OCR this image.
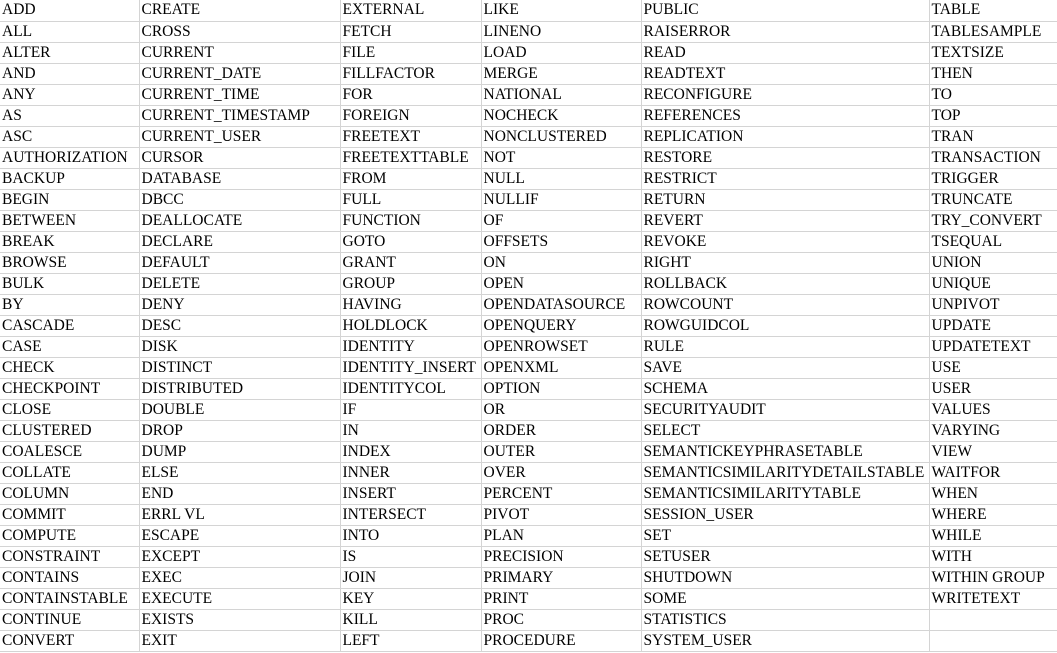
ADD	CREATE	EXTERNAL	LIKE	PUBLIC	TABLE
ALL	CROSS	FETCH	LINENO	RAISERROR	TABLESAMPLE
ALTER	CURRENT	FILE	LOAD	READ	TEXTSIZE
AND	CURRENT_DATE	FILLFACTOR	MERGE	READTEXT	THEN
ANY	CURRENT_TIME	FOR	NATIONAL	RECONFIGURE	TO
AS	CURRENT_TIMESTAMP	FOREIGN	NOCHECK	REFERENCES	TOP
ASC	CURRENT_USER	FREETEXT	NONCLUSTERED	REPLICATION	TRAN
AUTHORIZATION	CURSOR	FREETEXTTABLE	NOT	RESTORE	TRANSACTION
BACKUP	DATABASE	FROM	NULL	RESTRICT	TRIGGER
BEGIN	DBCC	FULL	NULLIF	RETURN	TRUNCATE
BETWEEN	DEALLOCATE	FUNCTION	OF	REVERT	TRY_CONVERT
BREAK	DECLARE	GOTO	OFFSETS	REVOKE	TSEQUAL
BROWSE	DEFAULT	GRANT	ON	RIGHT	UNION
BULK	DELETE	GROUP	OPEN	ROLLBACK	UNIQUE
BY	DENY	HAVING	OPENDATASOURCE	ROWCOUNT	UNPIVOT
CASCADE	DESC	HOLDLOCK	OPENQUERY	ROWGUIDCOL	UPDATE
CASE	DISK	IDENTITY	OPENROWSET	RULE	UPDATETEXT
CHECK	DISTINCT	IDENTITY_INSERT	OPENXML	SAVE	USE
CHECKPOINT	DISTRIBUTED	IDENTITYCOL	OPTION	SCHEMA	USER
CLOSE	DOUBLE	IF	OR	SECURITYAUDIT	VALUES
CLUSTERED	DROP	IN	ORDER	SELECT	VARYING
COALESCE	DUMP	INDEX	OUTER	SEMANTICKEYPHRASETABLE	VIEW
COLLATE	ELSE	INNER	OVER	SEMANTICSIMILARITYDETAILSTABLE	WAITFOR
COLUMN	END	INSERT	PERCENT	SEMANTICSIMILARITYTABLE	WHEN
COMMIT	ERRL VL	INTERSECT	PIVOT	SESSION_USER	WHERE
COMPUTE	ESCAPE	INTO	PLAN	SET	WHILE
CONSTRAINT	EXCEPT	IS	PRECISION	SETUSER	WITH
CONTAINS	EXEC	JOIN	PRIMARY	SHUTDOWN	WITHIN GROUP
CONTAINSTABLE	EXECUTE	KEY	PRINT	SOME	WRITETEXT
CONTINUE	EXISTS	KILL	PROC	STATISTICS	
CONVERT	EXIT	LEFT	PROCEDURE	SYSTEM_USER	
